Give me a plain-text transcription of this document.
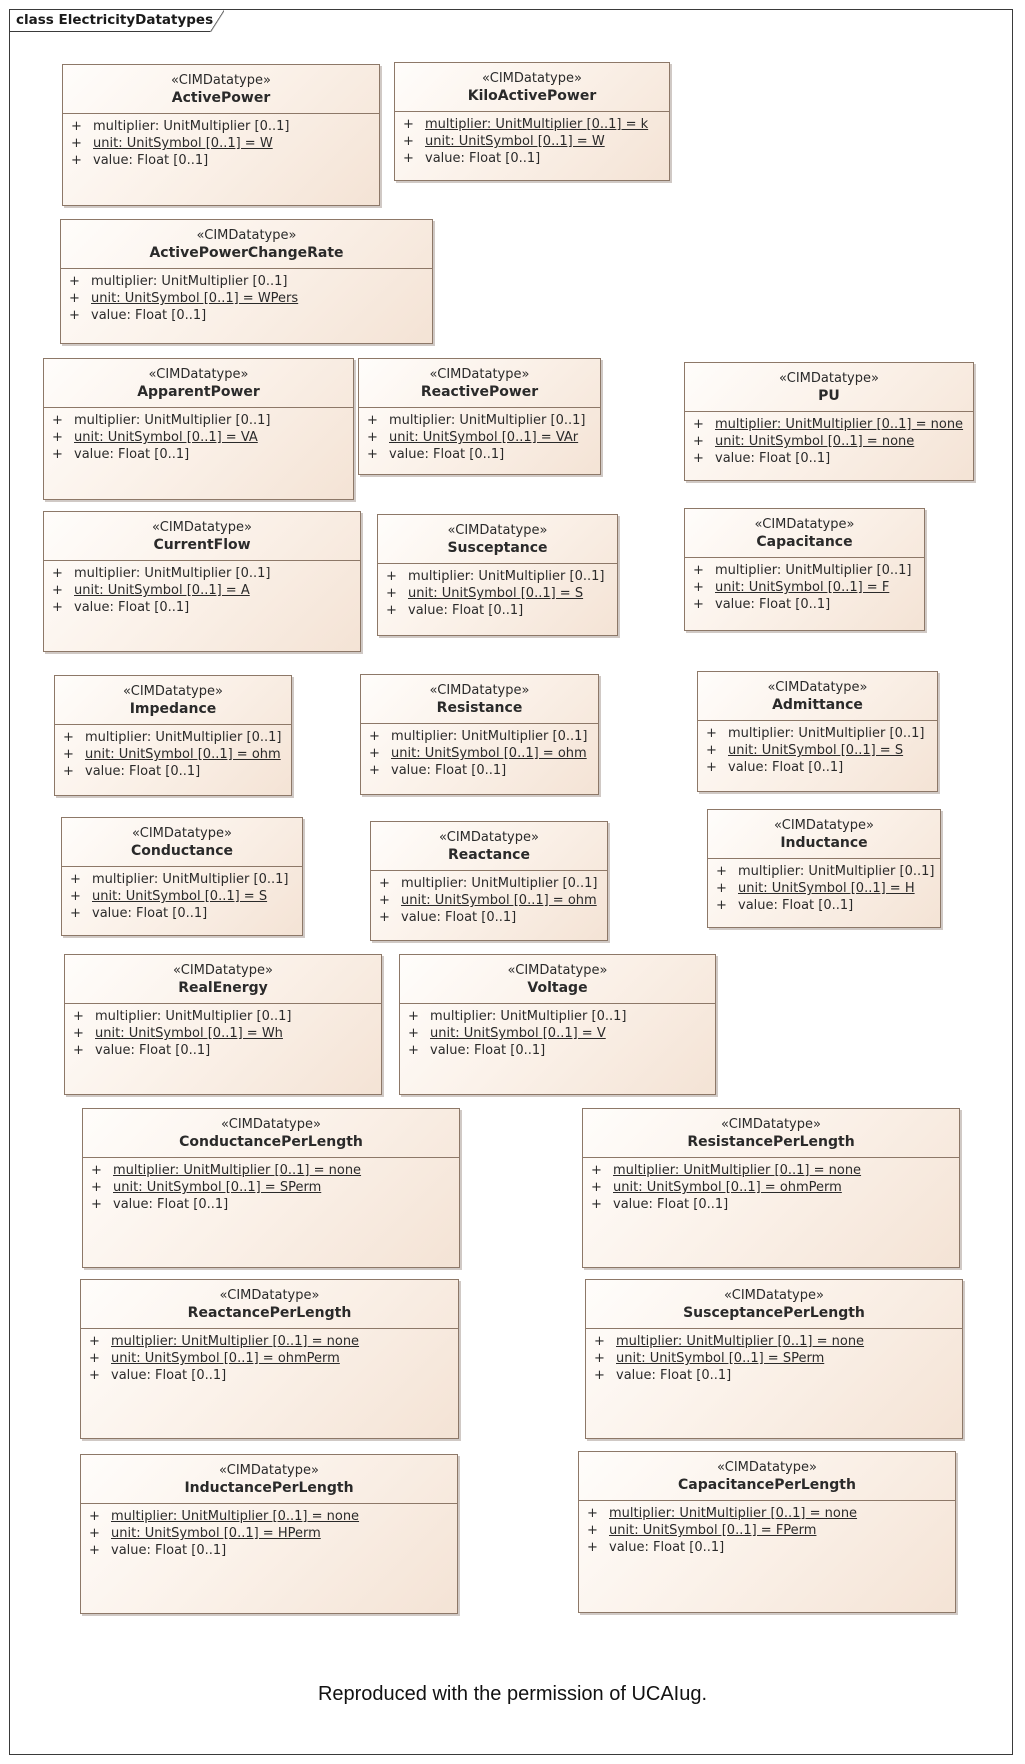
class ElectricityDatatypes
«CIMDatatype»
ActivePower
+ multiplier: UnitMultiplier [0..1]
+ unit: UnitSymbol [0..1] = W
+ value: Float [0..1]
«CIMDatatype»
KiloActivePower
+ multiplier: UnitMultiplier [0..1] = k
+ unit: UnitSymbol [0..1] = W
+ value: Float [0..1]
«CIMDatatype»
ActivePowerChangeRate
+ multiplier: UnitMultiplier [0..1]
+ unit: UnitSymbol [0..1] = WPers
+ value: Float [0..1]
«CIMDatatype»
ApparentPower
+ multiplier: UnitMultiplier [0..1]
+ unit: UnitSymbol [0..1] = VA
+ value: Float [0..1]
«CIMDatatype»
ReactivePower
+ multiplier: UnitMultiplier [0..1]
+ unit: UnitSymbol [0..1] = VAr
+ value: Float [0..1]
«CIMDatatype»
PU
+ multiplier: UnitMultiplier [0..1] = none
+ unit: UnitSymbol [0..1] = none
+ value: Float [0..1]
«CIMDatatype»
CurrentFlow
+ multiplier: UnitMultiplier [0..1]
+ unit: UnitSymbol [0..1] = A
+ value: Float [0..1]
«CIMDatatype»
Susceptance
+ multiplier: UnitMultiplier [0..1]
+ unit: UnitSymbol [0..1] = S
+ value: Float [0..1]
«CIMDatatype»
Capacitance
+ multiplier: UnitMultiplier [0..1]
+ unit: UnitSymbol [0..1] = F
+ value: Float [0..1]
«CIMDatatype»
Impedance
+ multiplier: UnitMultiplier [0..1]
+ unit: UnitSymbol [0..1] = ohm
+ value: Float [0..1]
«CIMDatatype»
Resistance
+ multiplier: UnitMultiplier [0..1]
+ unit: UnitSymbol [0..1] = ohm
+ value: Float [0..1]
«CIMDatatype»
Admittance
+ multiplier: UnitMultiplier [0..1]
+ unit: UnitSymbol [0..1] = S
+ value: Float [0..1]
«CIMDatatype»
Conductance
+ multiplier: UnitMultiplier [0..1]
+ unit: UnitSymbol [0..1] = S
+ value: Float [0..1]
«CIMDatatype»
Reactance
+ multiplier: UnitMultiplier [0..1]
+ unit: UnitSymbol [0..1] = ohm
+ value: Float [0..1]
«CIMDatatype»
Inductance
+ multiplier: UnitMultiplier [0..1]
+ unit: UnitSymbol [0..1] = H
+ value: Float [0..1]
«CIMDatatype»
RealEnergy
+ multiplier: UnitMultiplier [0..1]
+ unit: UnitSymbol [0..1] = Wh
+ value: Float [0..1]
«CIMDatatype»
Voltage
+ multiplier: UnitMultiplier [0..1]
+ unit: UnitSymbol [0..1] = V
+ value: Float [0..1]
«CIMDatatype»
ConductancePerLength
+ multiplier: UnitMultiplier [0..1] = none
+ unit: UnitSymbol [0..1] = SPerm
+ value: Float [0..1]
«CIMDatatype»
ResistancePerLength
+ multiplier: UnitMultiplier [0..1] = none
+ unit: UnitSymbol [0..1] = ohmPerm
+ value: Float [0..1]
«CIMDatatype»
ReactancePerLength
+ multiplier: UnitMultiplier [0..1] = none
+ unit: UnitSymbol [0..1] = ohmPerm
+ value: Float [0..1]
«CIMDatatype»
SusceptancePerLength
+ multiplier: UnitMultiplier [0..1] = none
+ unit: UnitSymbol [0..1] = SPerm
+ value: Float [0..1]
«CIMDatatype»
InductancePerLength
+ multiplier: UnitMultiplier [0..1] = none
+ unit: UnitSymbol [0..1] = HPerm
+ value: Float [0..1]
«CIMDatatype»
CapacitancePerLength
+ multiplier: UnitMultiplier [0..1] = none
+ unit: UnitSymbol [0..1] = FPerm
+ value: Float [0..1]
Reproduced with the permission of UCAIug.
